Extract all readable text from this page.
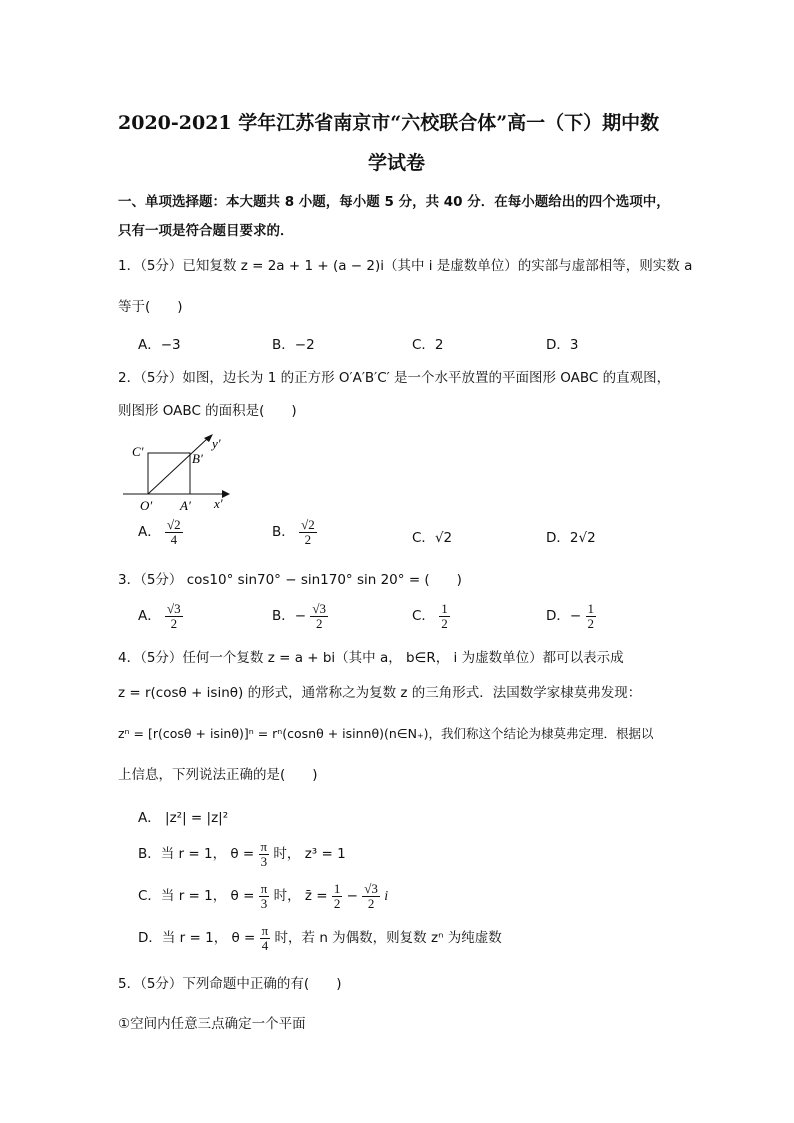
2020-2021 学年江苏省南京市“六校联合体”高一（下）期中数
学试卷
一、单项选择题：本大题共 8 小题，每小题 5 分，共 40 分．在每小题给出的四个选项中，
只有一项是符合题目要求的．
1．（5分）已知复数 z = 2a + 1 + (a − 2)i（其中 i 是虚数单位）的实部与虚部相等，则实数 a
等于(　　)
A．−3	B．−2	C．2	D．3
2．（5分）如图，边长为 1 的正方形 O′A′B′C′ 是一个水平放置的平面图形 OABC 的直观图，
则图形 OABC 的面积是(　　)
C′	B′
O′ A′ x′
y′
A． $\frac{√2}{4}$	B． $\frac{√2}{2}$	C．√2	D．2√2
3．（5分） cos10° sin70° − sin170° sin 20° = (　　)
A． $\frac{√3}{2}$	B．− $\frac{√3}{2}$	C． $\frac{1}{2}$	D．− $\frac{1}{2}$
4．（5分）任何一个复数 z = a + bi（其中 a， b∈R， i 为虚数单位）都可以表示成
z = r(cosθ + isinθ) 的形式，通常称之为复数 z 的三角形式．法国数学家棣莫弗发现：
zⁿ = [r(cosθ + isinθ)]ⁿ = rⁿ(cosnθ + isinnθ)(n∈N₊)，我们称这个结论为棣莫弗定理．根据以
上信息，下列说法正确的是(　　)
A． |z²| = |z|²
B．当 r = 1， $\theta = \frac{\pi}{3}$ 时， z³ = 1
C．当 r = 1， $\theta = \frac{\pi}{3}$ 时， z̄ = $\frac{1}{2} - \frac{√3}{2}$ i
D．当 r = 1， $\theta = \frac{\pi}{4}$ 时，若 n 为偶数，则复数 zⁿ 为纯虚数
5．（5分）下列命题中正确的有(　　)
①空间内任意三点确定一个平面
